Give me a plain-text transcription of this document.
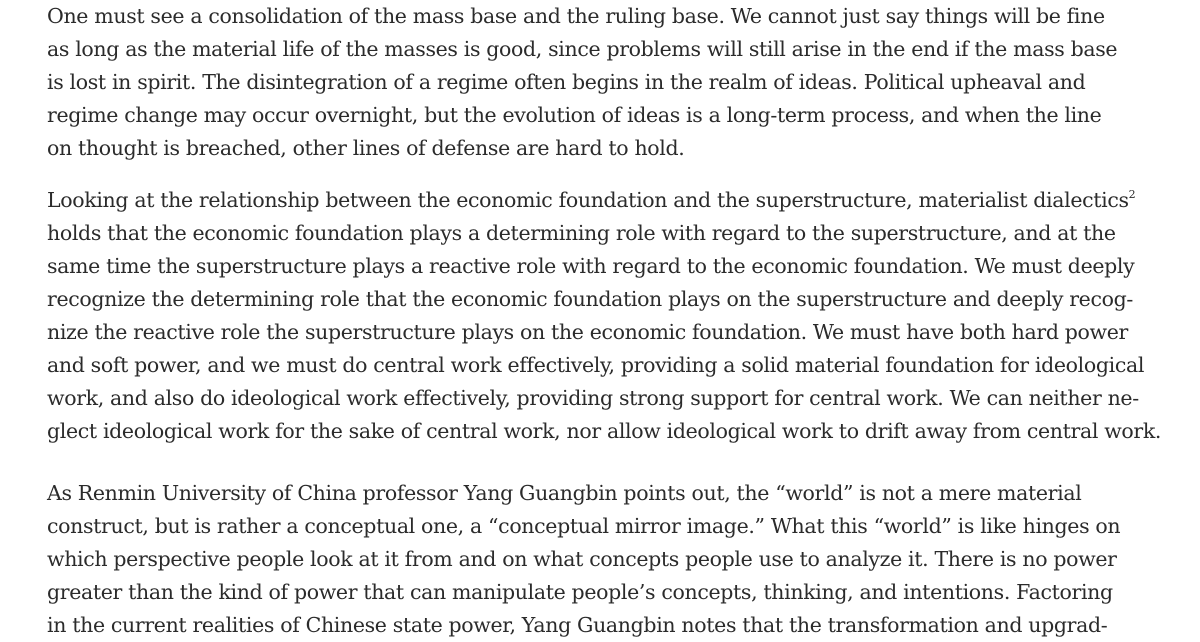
One must see a consolidation of the mass base and the ruling base. We cannot just say things will be fine
as long as the material life of the masses is good, since problems will still arise in the end if the mass base
is lost in spirit. The disintegration of a regime often begins in the realm of ideas. Political upheaval and
regime change may occur overnight, but the evolution of ideas is a long-term process, and when the line
on thought is breached, other lines of defense are hard to hold.
Looking at the relationship between the economic foundation and the superstructure, materialist dialectics$^2$
holds that the economic foundation plays a determining role with regard to the superstructure, and at the
same time the superstructure plays a reactive role with regard to the economic foundation. We must deeply
recognize the determining role that the economic foundation plays on the superstructure and deeply recog-
nize the reactive role the superstructure plays on the economic foundation. We must have both hard power
and soft power, and we must do central work effectively, providing a solid material foundation for ideological
work, and also do ideological work effectively, providing strong support for central work. We can neither ne-
glect ideological work for the sake of central work, nor allow ideological work to drift away from central work.
As Renmin University of China professor Yang Guangbin points out, the “world” is not a mere material
construct, but is rather a conceptual one, a “conceptual mirror image.” What this “world” is like hinges on
which perspective people look at it from and on what concepts people use to analyze it. There is no power
greater than the kind of power that can manipulate people’s concepts, thinking, and intentions. Factoring
in the current realities of Chinese state power, Yang Guangbin notes that the transformation and upgrad-
